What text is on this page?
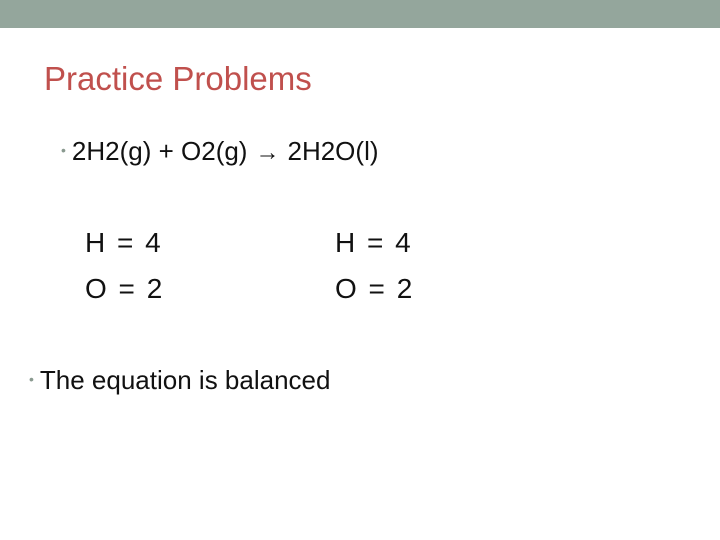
Practice Problems
• 2H2(g) + O2(g) → 2H2O(l)
H = 4
O = 2
H = 4
O = 2
• The equation is balanced
